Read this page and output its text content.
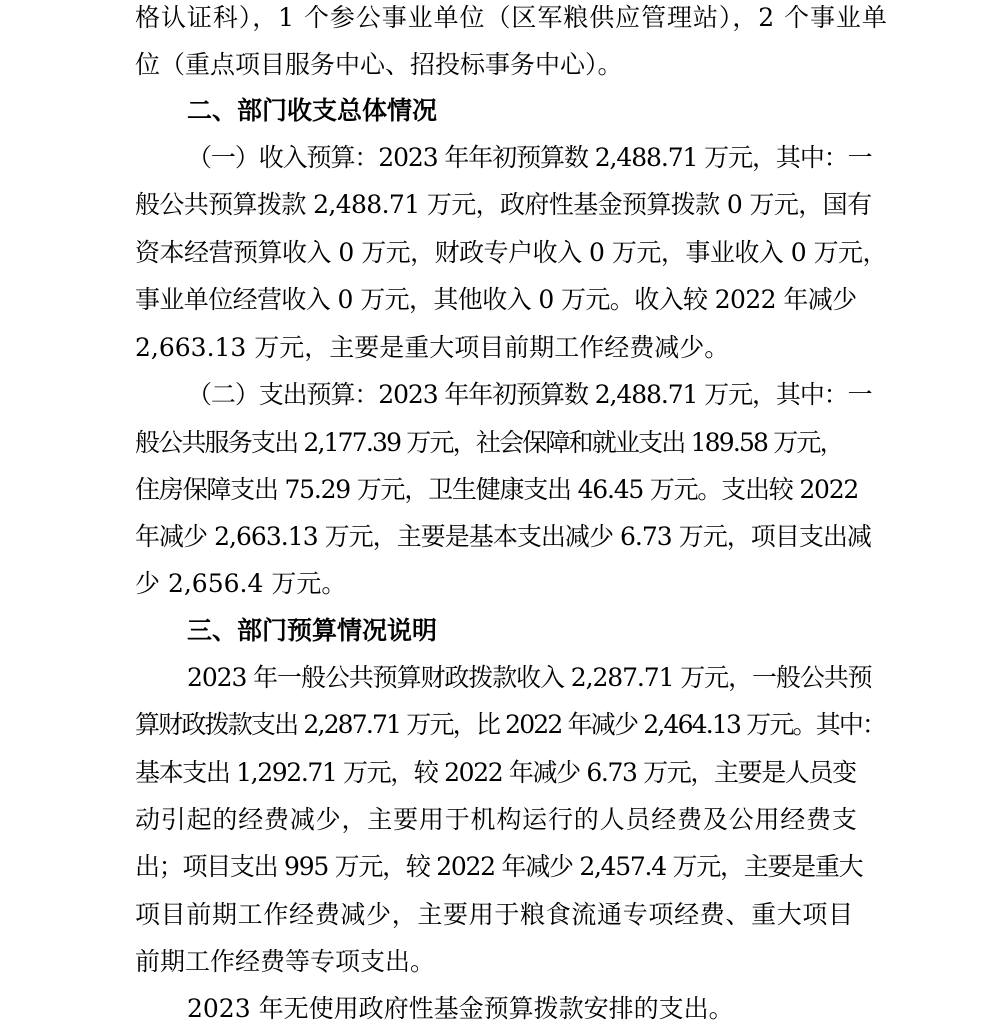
格认证科），1 个参公事业单位（区军粮供应管理站），2 个事业单
位（重点项目服务中心、招投标事务中心）。
二、部门收支总体情况
（一）收入预算：2023 年年初预算数 2,488.71 万元，其中：一
般公共预算拨款 2,488.71 万元，政府性基金预算拨款 0 万元，国有
资本经营预算收入 0 万元，财政专户收入 0 万元，事业收入 0 万元，
事业单位经营收入 0 万元，其他收入 0 万元。收入较 2022 年减少
2,663.13 万元，主要是重大项目前期工作经费减少。
（二）支出预算：2023 年年初预算数 2,488.71 万元，其中：一
般公共服务支出 2,177.39 万元，社会保障和就业支出 189.58 万元，
住房保障支出 75.29 万元，卫生健康支出 46.45 万元。支出较 2022
年减少 2,663.13 万元，主要是基本支出减少 6.73 万元，项目支出减
少 2,656.4 万元。
三、部门预算情况说明
2023 年一般公共预算财政拨款收入 2,287.71 万元，一般公共预
算财政拨款支出 2,287.71 万元，比 2022 年减少 2,464.13 万元。其中：
基本支出 1,292.71 万元，较 2022 年减少 6.73 万元，主要是人员变
动引起的经费减少，主要用于机构运行的人员经费及公用经费支
出；项目支出 995 万元，较 2022 年减少 2,457.4 万元，主要是重大
项目前期工作经费减少，主要用于粮食流通专项经费、重大项目
前期工作经费等专项支出。
2023 年无使用政府性基金预算拨款安排的支出。
